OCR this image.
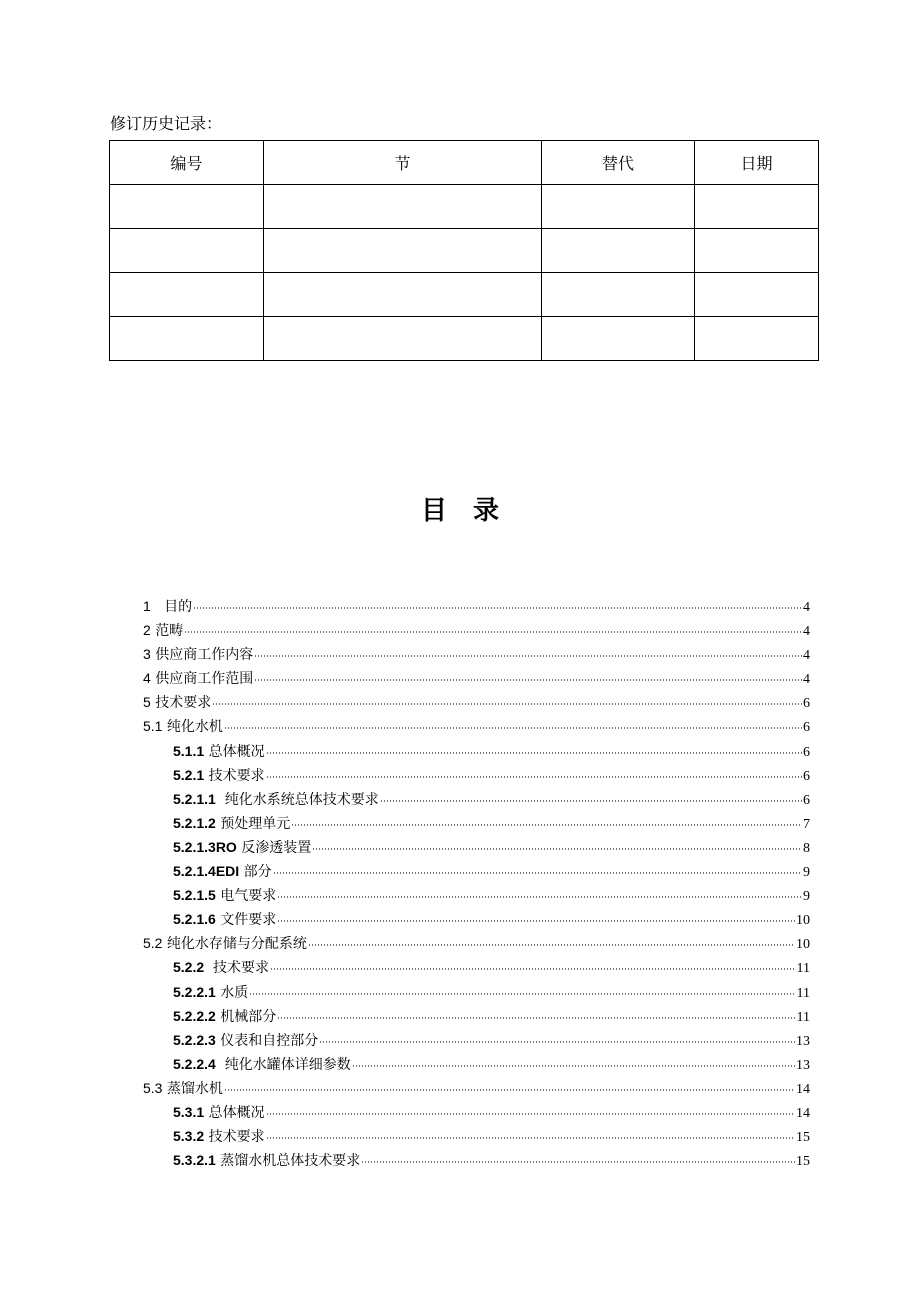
修订历史记录：
编号	节	替代	日期

目录
1 目的	4
2 范畴	4
3 供应商工作内容	4
4 供应商工作范围	4
5 技术要求	6
5.1 纯化水机	6
5.1.1 总体概况	6
5.2.1 技术要求	6
5.2.1.1 纯化水系统总体技术要求	6
5.2.1.2 预处理单元	7
5.2.1.3RO 反渗透装置	8
5.2.1.4EDI 部分	9
5.2.1.5 电气要求	9
5.2.1.6 文件要求	10
5.2 纯化水存储与分配系统	10
5.2.2 技术要求	11
5.2.2.1 水质	11
5.2.2.2 机械部分	11
5.2.2.3 仪表和自控部分	13
5.2.2.4 纯化水罐体详细参数	13
5.3 蒸馏水机	14
5.3.1 总体概况	14
5.3.2 技术要求	15
5.3.2.1 蒸馏水机总体技术要求	15
